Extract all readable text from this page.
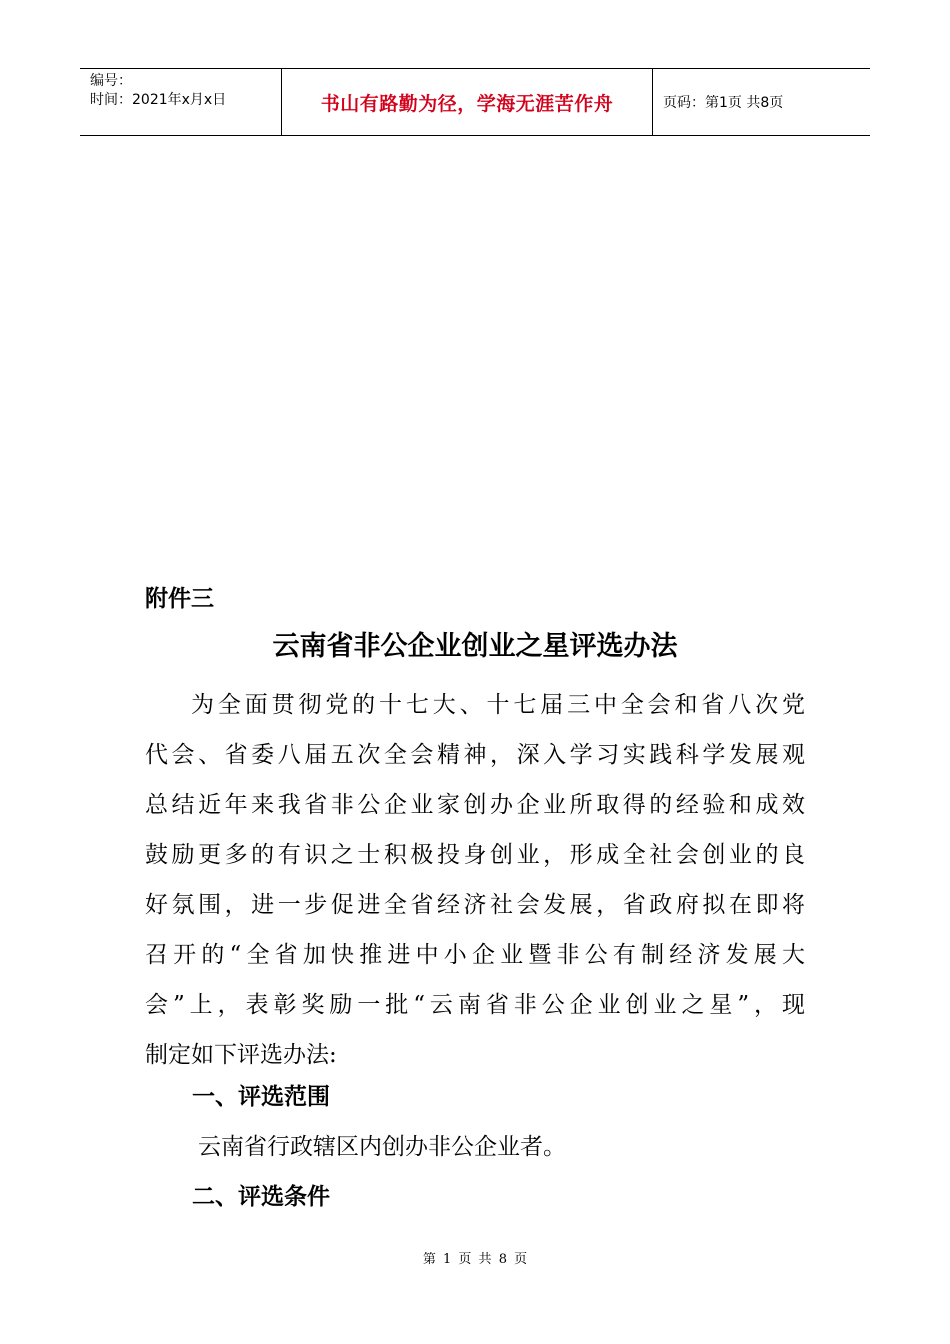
编号：
时间：2021年x月x日	书山有路勤为径，学海无涯苦作舟	页码：第1页 共8页

附件三

云南省非公企业创业之星评选办法

为全面贯彻党的十七大、十七届三中全会和省八次党
代会、省委八届五次全会精神，深入学习实践科学发展观
总结近年来我省非公企业家创办企业所取得的经验和成效
鼓励更多的有识之士积极投身创业，形成全社会创业的良
好氛围，进一步促进全省经济社会发展，省政府拟在即将
召开的“全省加快推进中小企业暨非公有制经济发展大
会”上，表彰奖励一批“云南省非公企业创业之星”，现
制定如下评选办法:

一、评选范围

云南省行政辖区内创办非公企业者。

二、评选条件
第 1 页 共 8 页
